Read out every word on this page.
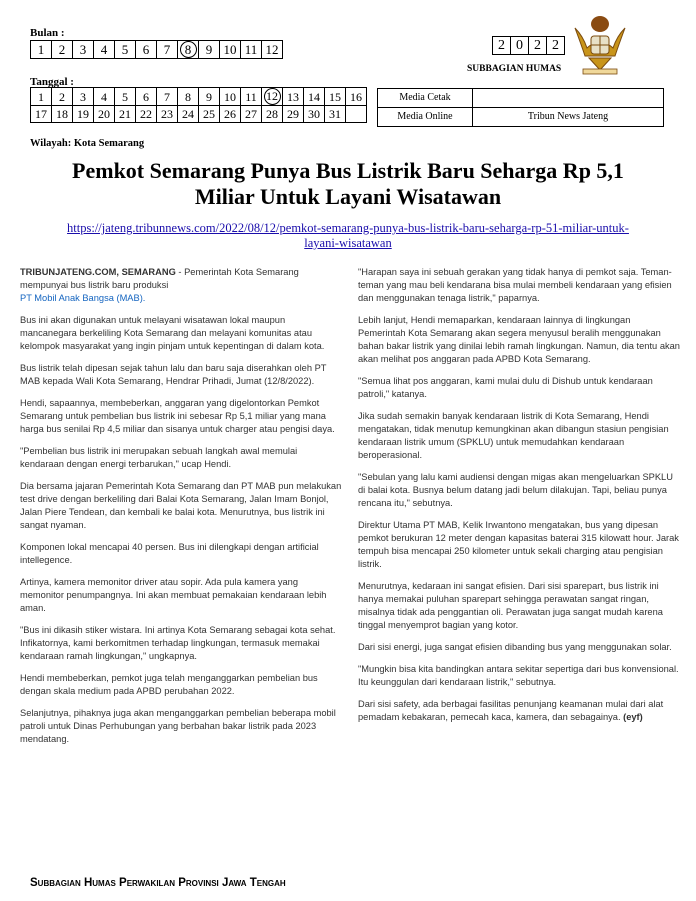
Bulan :
1	2	3	4	5	6	7	8	9	10	11	12	2	0	2	2
SUBBAGIAN HUMAS
Tanggal :
1	2	3	4	5	6	7	8	9	10	11	12	13	14	15	16
17	18	19	20	21	22	23	24	25	26	27	28	29	30	31	
Media Cetak	
Media Online	Tribun News Jateng
Wilayah: Kota Semarang
Pemkot Semarang Punya Bus Listrik Baru Seharga Rp 5,1
Miliar Untuk Layani Wisatawan
https://jateng.tribunnews.com/2022/08/12/pemkot-semarang-punya-bus-listrik-baru-seharga-rp-51-miliar-untuk-
layani-wisatawan

TRIBUNJATENG.COM, SEMARANG - Pemerintah Kota Semarang mempunyai bus listrik baru produksi
PT Mobil Anak Bangsa (MAB).

Bus ini akan digunakan untuk melayani wisatawan lokal maupun mancanegara berkeliling Kota Semarang dan melayani komunitas atau kelompok masyarakat yang ingin pinjam untuk kepentingan di dalam kota.

Bus listrik telah dipesan sejak tahun lalu dan baru saja diserahkan oleh PT MAB kepada Wali Kota Semarang, Hendrar Prihadi, Jumat (12/8/2022).

Hendi, sapaannya, membeberkan, anggaran yang digelontorkan Pemkot Semarang untuk pembelian bus listrik ini sebesar Rp 5,1 miliar yang mana harga bus senilai Rp 4,5 miliar dan sisanya untuk charger atau pengisi daya.

"Pembelian bus listrik ini merupakan sebuah langkah awal memulai kendaraan dengan energi terbarukan," ucap Hendi.

Dia bersama jajaran Pemerintah Kota Semarang dan PT MAB pun melakukan test drive dengan berkeliling dari Balai Kota Semarang, Jalan Imam Bonjol, Jalan Piere Tendean, dan kembali ke balai kota. Menurutnya, bus listrik ini sangat nyaman.

Komponen lokal mencapai 40 persen. Bus ini dilengkapi dengan artificial intellegence.

Artinya, kamera memonitor driver atau sopir. Ada pula kamera yang memonitor penumpangnya. Ini akan membuat pemakaian kendaraan lebih aman.

"Bus ini dikasih stiker wistara. Ini artinya Kota Semarang sebagai kota sehat. Infikatornya, kami berkomitmen terhadap lingkungan, termasuk memakai kendaraan ramah lingkungan," ungkapnya.

Hendi membeberkan, pemkot juga telah menganggarkan pembelian bus dengan skala medium pada APBD perubahan 2022.

Selanjutnya, pihaknya juga akan menganggarkan pembelian beberapa mobil patroli untuk Dinas Perhubungan yang berbahan bakar listrik pada 2023 mendatang.

"Harapan saya ini sebuah gerakan yang tidak hanya di pemkot saja. Teman-teman yang mau beli kendarana bisa mulai membeli kendaraan yang efisien dan menggunakan tenaga listrik," paparnya.

Lebih lanjut, Hendi memaparkan, kendaraan lainnya di lingkungan Pemerintah Kota Semarang akan segera menyusul beralih menggunakan bahan bakar listrik yang dinilai lebih ramah lingkungan. Namun, dia tentu akan akan melihat pos anggaran pada APBD Kota Semarang.

"Semua lihat pos anggaran, kami mulai dulu di Dishub untuk kendaraan patroli," katanya.

Jika sudah semakin banyak kendaraan listrik di Kota Semarang, Hendi mengatakan, tidak menutup kemungkinan akan dibangun stasiun pengisian kendaraan listrik umum (SPKLU) untuk memudahkan kendaraan beroperasional.

"Sebulan yang lalu kami audiensi dengan migas akan mengeluarkan SPKLU di balai kota. Busnya belum datang jadi belum dilakujan. Tapi, beliau punya rencana itu," sebutnya.

Direktur Utama PT MAB, Kelik Irwantono mengatakan, bus yang dipesan pemkot berukuran 12 meter dengan kapasitas baterai 315 kilowatt hour. Jarak tempuh bisa mencapai 250 kilometer untuk sekali charging atau pengisian listrik.

Menurutnya, kedaraan ini sangat efisien. Dari sisi sparepart, bus listrik ini hanya memakai puluhan sparepart sehingga perawatan sangat ringan, misalnya tidak ada penggantian oli. Perawatan juga sangat mudah karena tinggal menyemprot bagian yang kotor.

Dari sisi energi, juga sangat efisien dibanding bus yang menggunakan solar.

"Mungkin bisa kita bandingkan antara sekitar sepertiga dari bus konvensional. Itu keunggulan dari kendaraan listrik," sebutnya.

Dari sisi safety, ada berbagai fasilitas penunjang keamanan mulai dari alat pemadam kebakaran, pemecah kaca, kamera, dan sebagainya. (eyf)

Subbagian Humas Perwakilan Provinsi Jawa Tengah
